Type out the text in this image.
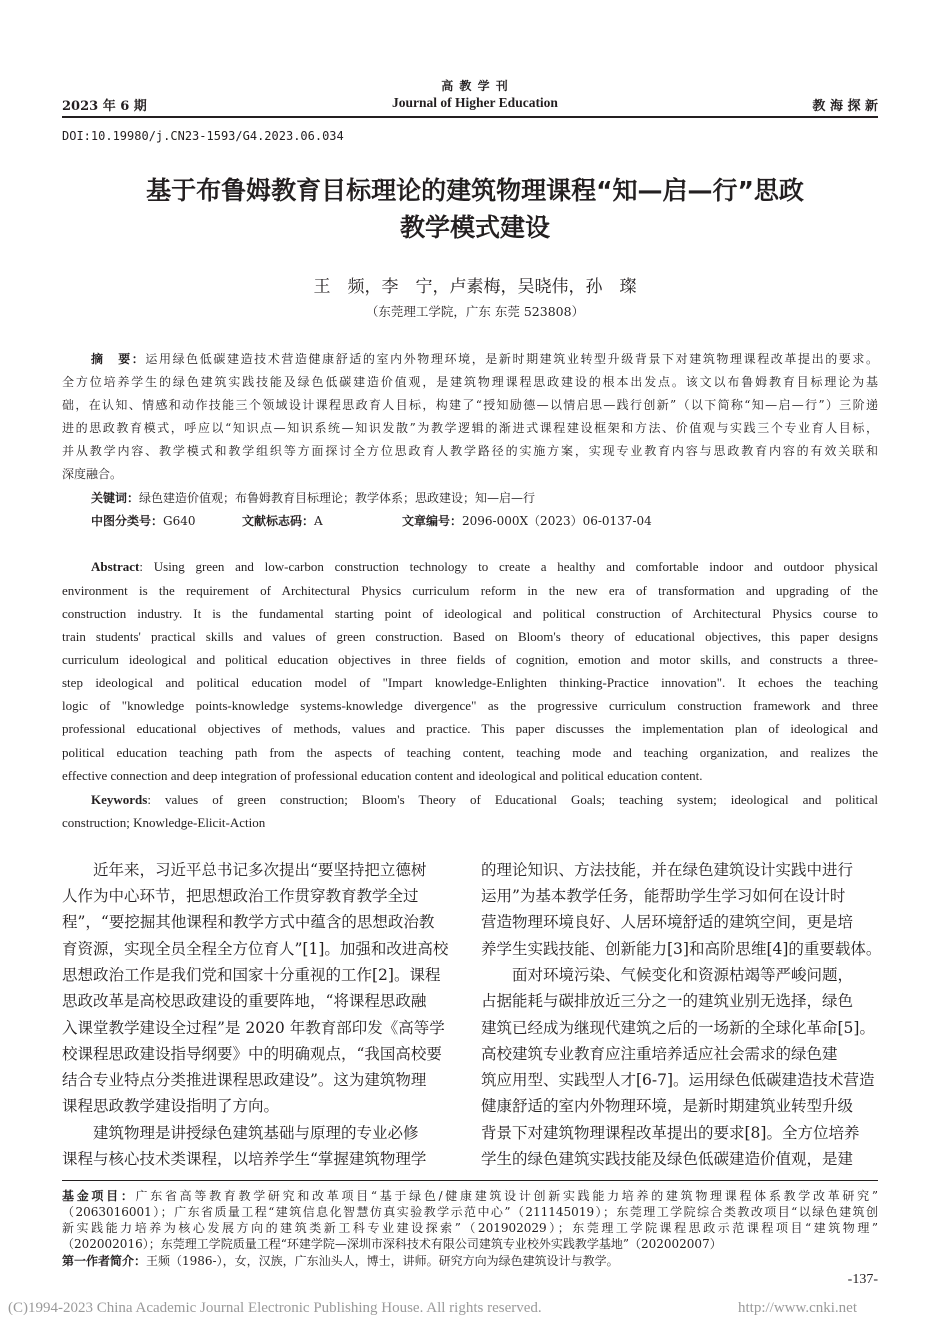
高 教 学 刊
2023 年 6 期	Journal of Higher Education	教 海 探 新
DOI:10.19980/j.CN23-1593/G4.2023.06.034
基于布鲁姆教育目标理论的建筑物理课程“知—启—行”思政
教学模式建设
王　频，李　宁，卢素梅，吴晓伟，孙　璨
（东莞理工学院，广东 东莞 523808）
摘　要：运用绿色低碳建造技术营造健康舒适的室内外物理环境，是新时期建筑业转型升级背景下对建筑物理课程改革提出的要求。
全方位培养学生的绿色建筑实践技能及绿色低碳建造价值观，是建筑物理课程思政建设的根本出发点。该文以布鲁姆教育目标理论为基
础，在认知、情感和动作技能三个领域设计课程思政育人目标，构建了“授知励德—以情启思—践行创新”（以下简称“知—启—行”）三阶递
进的思政教育模式，呼应以“知识点—知识系统—知识发散”为教学逻辑的渐进式课程建设框架和方法、价值观与实践三个专业育人目标，
并从教学内容、教学模式和教学组织等方面探讨全方位思政育人教学路径的实施方案，实现专业教育内容与思政教育内容的有效关联和
深度融合。
关键词：绿色建造价值观；布鲁姆教育目标理论；教学体系；思政建设；知—启—行
中图分类号：G640	文献标志码：A	文章编号：2096-000X（2023）06-0137-04
Abstract: Using green and low-carbon construction technology to create a healthy and comfortable indoor and outdoor physical
environment is the requirement of Architectural Physics curriculum reform in the new era of transformation and upgrading of the
construction industry. It is the fundamental starting point of ideological and political construction of Architectural Physics course to
train students' practical skills and values of green construction. Based on Bloom's theory of educational objectives, this paper designs
curriculum ideological and political education objectives in three fields of cognition, emotion and motor skills, and constructs a three-
step ideological and political education model of "Impart knowledge-Enlighten thinking-Practice innovation". It echoes the teaching
logic of "knowledge points-knowledge systems-knowledge divergence" as the progressive curriculum construction framework and three
professional educational objectives of methods, values and practice. This paper discusses the implementation plan of ideological and
political education teaching path from the aspects of teaching content, teaching mode and teaching organization, and realizes the
effective connection and deep integration of professional education content and ideological and political education content.
Keywords: values of green construction; Bloom's Theory of Educational Goals; teaching system; ideological and political
construction; Knowledge-Elicit-Action
　　近年来，习近平总书记多次提出“要坚持把立德树
人作为中心环节，把思想政治工作贯穿教育教学全过
程”，“要挖掘其他课程和教学方式中蕴含的思想政治教
育资源，实现全员全程全方位育人”[1]。加强和改进高校
思想政治工作是我们党和国家十分重视的工作[2]。课程
思政改革是高校思政建设的重要阵地，“将课程思政融
入课堂教学建设全过程”是 2020 年教育部印发《高等学
校课程思政建设指导纲要》中的明确观点，“我国高校要
结合专业特点分类推进课程思政建设”。这为建筑物理
课程思政教学建设指明了方向。
　　建筑物理是讲授绿色建筑基础与原理的专业必修
课程与核心技术类课程，以培养学生“掌握建筑物理学
的理论知识、方法技能，并在绿色建筑设计实践中进行
运用”为基本教学任务，能帮助学生学习如何在设计时
营造物理环境良好、人居环境舒适的建筑空间，更是培
养学生实践技能、创新能力[3]和高阶思维[4]的重要载体。
　　面对环境污染、气候变化和资源枯竭等严峻问题，
占据能耗与碳排放近三分之一的建筑业别无选择，绿色
建筑已经成为继现代建筑之后的一场新的全球化革命[5]。
高校建筑专业教育应注重培养适应社会需求的绿色建
筑应用型、实践型人才[6-7]。运用绿色低碳建造技术营造
健康舒适的室内外物理环境，是新时期建筑业转型升级
背景下对建筑物理课程改革提出的要求[8]。全方位培养
学生的绿色建筑实践技能及绿色低碳建造价值观，是建
基金项目：广东省高等教育教学研究和改革项目“基于绿色/健康建筑设计创新实践能力培养的建筑物理课程体系教学改革研究”
（2063016001）；广东省质量工程“建筑信息化智慧仿真实验教学示范中心”（211145019）；东莞理工学院综合类教改项目“以绿色建筑创
新实践能力培养为核心发展方向的建筑类新工科专业建设探索”（201902029）；东莞理工学院课程思政示范课程项目“建筑物理”
（202002016）；东莞理工学院质量工程“环建学院—深圳市深科技术有限公司建筑专业校外实践教学基地”（202002007）
第一作者简介：王频（1986-），女，汉族，广东汕头人，博士，讲师。研究方向为绿色建筑设计与教学。
-137-
(C)1994-2023 China Academic Journal Electronic Publishing House. All rights reserved.	http://www.cnki.net
